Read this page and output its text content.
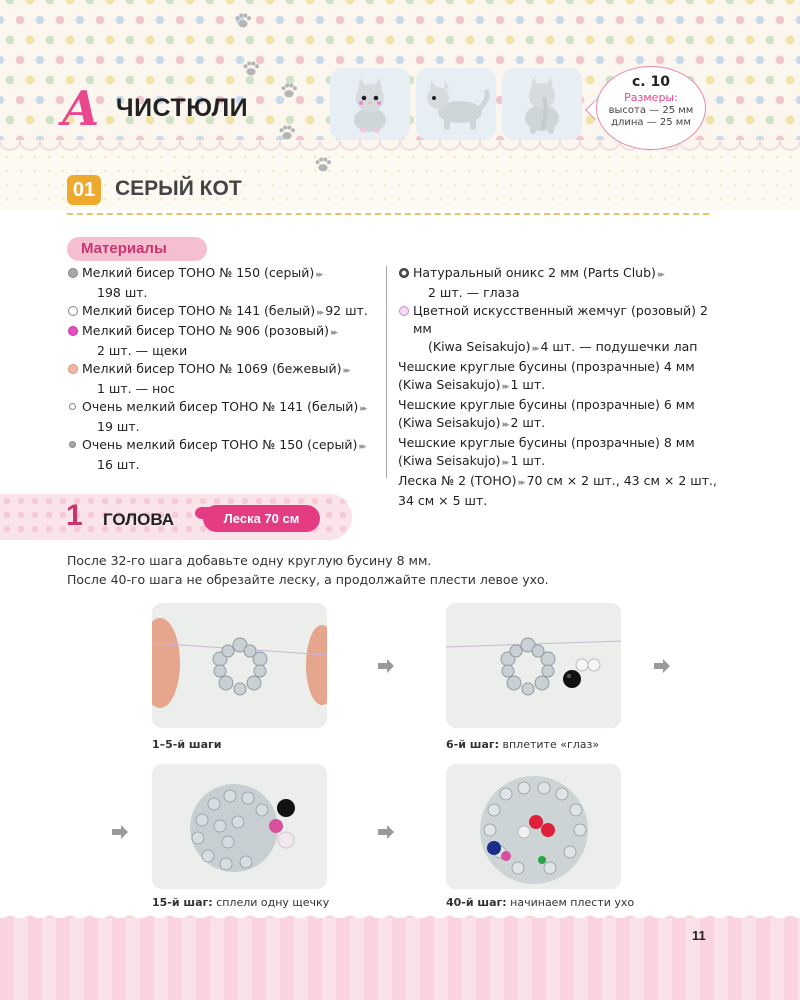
A ЧИСТЮЛИ
с. 10
Размеры:
высота — 25 мм
длина — 25 мм
01 СЕРЫЙ КОТ
Материалы
Мелкий бисер ТОНО № 150 (серый) ▸▸
198 шт.
Мелкий бисер ТОНО № 141 (белый) ▸▸ 92 шт.
Мелкий бисер ТОНО № 906 (розовый) ▸▸
2 шт. — щеки
Мелкий бисер ТОНО № 1069 (бежевый) ▸▸
1 шт. — нос
Очень мелкий бисер ТОНО № 141 (белый) ▸▸
19 шт.
Очень мелкий бисер ТОНО № 150 (серый) ▸▸
16 шт.
Натуральный оникс 2 мм (Parts Club) ▸▸
2 шт. — глаза
Цветной искусственный жемчуг (розовый) 2 мм
(Kiwa Seisakujo) ▸▸ 4 шт. — подушечки лап
Чешские круглые бусины (прозрачные) 4 мм
(Kiwa Seisakujo) ▸▸ 1 шт.
Чешские круглые бусины (прозрачные) 6 мм
(Kiwa Seisakujo) ▸▸ 2 шт.
Чешские круглые бусины (прозрачные) 8 мм
(Kiwa Seisakujo) ▸▸ 1 шт.
Леска № 2 (ТОНО) ▸▸ 70 см × 2 шт., 43 см × 2 шт.,
34 см × 5 шт.
1 ГОЛОВА	Леска 70 см
После 32-го шага добавьте одну круглую бусину 8 мм.
После 40-го шага не обрезайте леску, а продолжайте плести левое ухо.
1–5-й шаги	6-й шаг: вплетите «глаз»
15-й шаг: сплели одну щечку	40-й шаг: начинаем плести ухо
11
